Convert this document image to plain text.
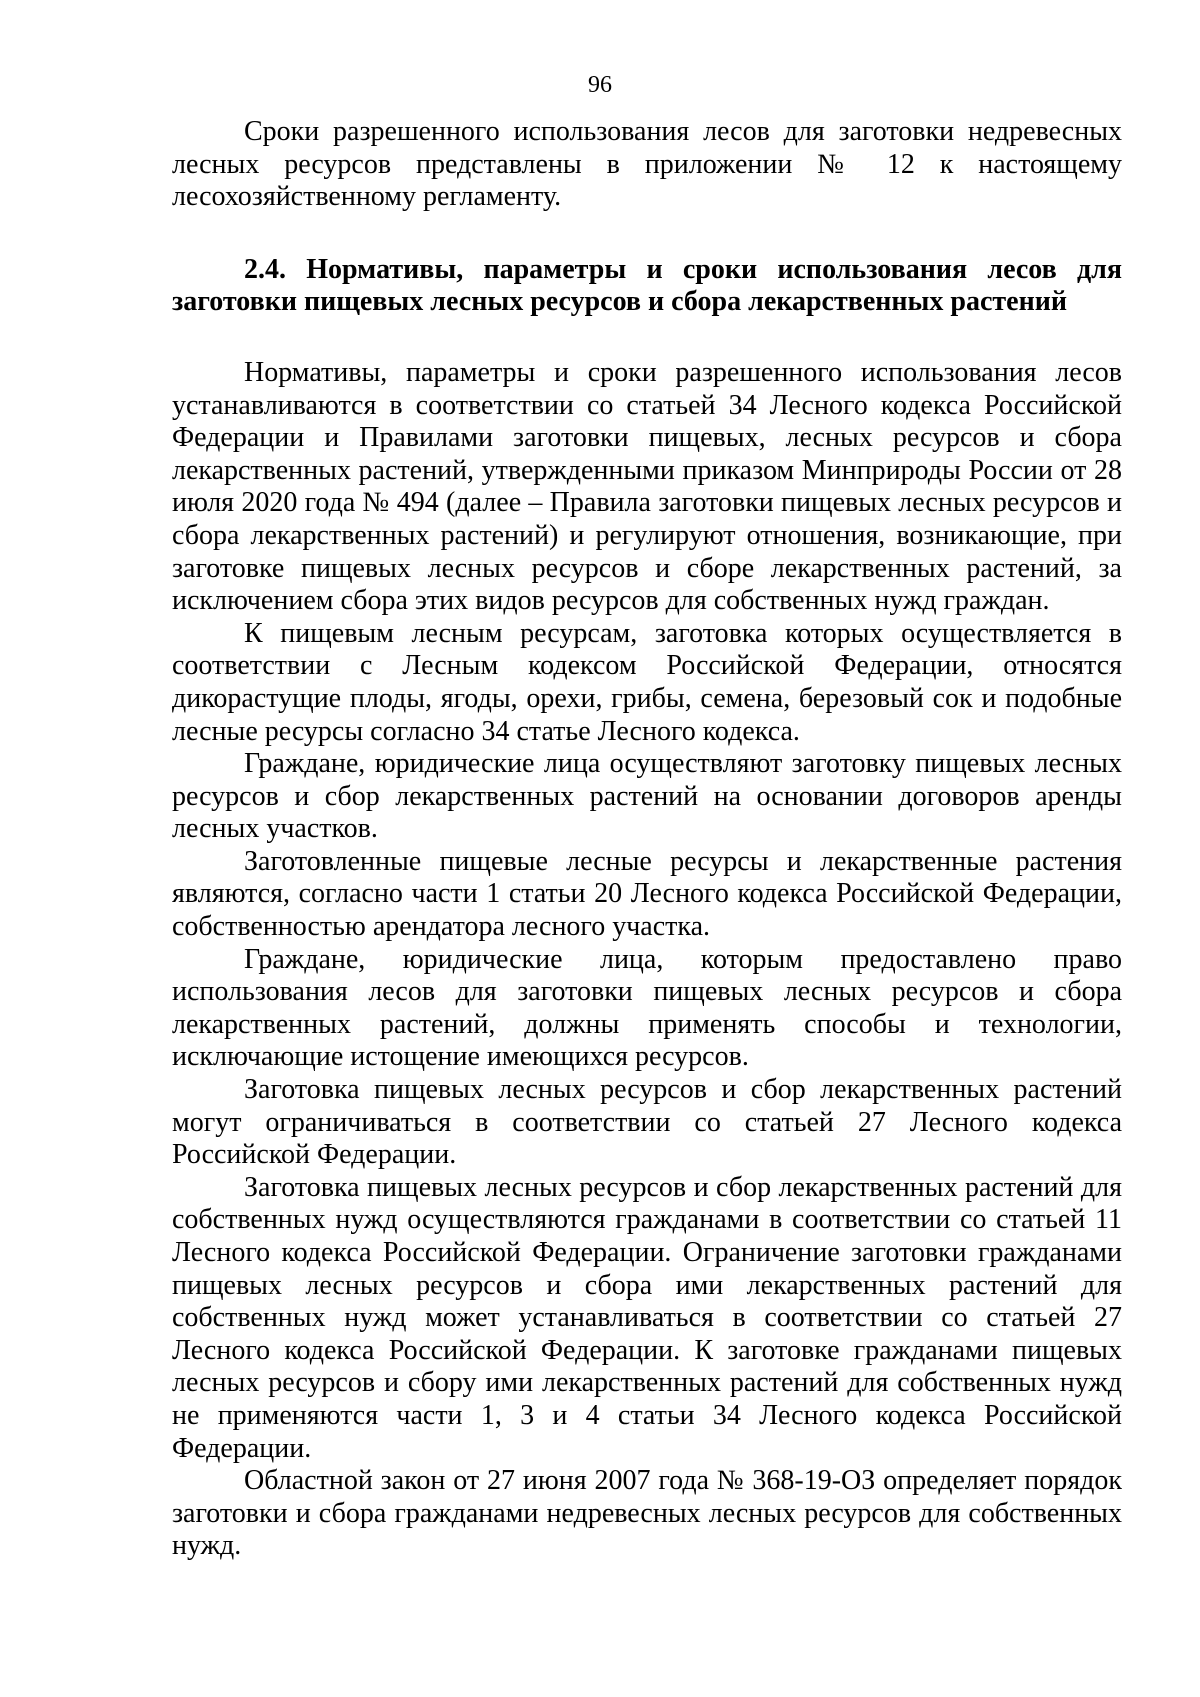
96

Сроки разрешенного использования лесов для заготовки недревесных лесных ресурсов представлены в приложении № 12 к настоящему лесохозяйственному регламенту.

2.4. Нормативы, параметры и сроки использования лесов для заготовки пищевых лесных ресурсов и сбора лекарственных растений

Нормативы, параметры и сроки разрешенного использования лесов устанавливаются в соответствии со статьей 34 Лесного кодекса Российской Федерации и Правилами заготовки пищевых, лесных ресурсов и сбора лекарственных растений, утвержденными приказом Минприроды России от 28 июля 2020 года № 494 (далее – Правила заготовки пищевых лесных ресурсов и сбора лекарственных растений) и регулируют отношения, возникающие, при заготовке пищевых лесных ресурсов и сборе лекарственных растений, за исключением сбора этих видов ресурсов для собственных нужд граждан.

К пищевым лесным ресурсам, заготовка которых осуществляется в соответствии с Лесным кодексом Российской Федерации, относятся дикорастущие плоды, ягоды, орехи, грибы, семена, березовый сок и подобные лесные ресурсы согласно 34 статье Лесного кодекса.

Граждане, юридические лица осуществляют заготовку пищевых лесных ресурсов и сбор лекарственных растений на основании договоров аренды лесных участков.

Заготовленные пищевые лесные ресурсы и лекарственные растения являются, согласно части 1 статьи 20 Лесного кодекса Российской Федерации, собственностью арендатора лесного участка.

Граждане, юридические лица, которым предоставлено право использования лесов для заготовки пищевых лесных ресурсов и сбора лекарственных растений, должны применять способы и технологии, исключающие истощение имеющихся ресурсов.

Заготовка пищевых лесных ресурсов и сбор лекарственных растений могут ограничиваться в соответствии со статьей 27 Лесного кодекса Российской Федерации.

Заготовка пищевых лесных ресурсов и сбор лекарственных растений для собственных нужд осуществляются гражданами в соответствии со статьей 11 Лесного кодекса Российской Федерации. Ограничение заготовки гражданами пищевых лесных ресурсов и сбора ими лекарственных растений для собственных нужд может устанавливаться в соответствии со статьей 27 Лесного кодекса Российской Федерации. К заготовке гражданами пищевых лесных ресурсов и сбору ими лекарственных растений для собственных нужд не применяются части 1, 3 и 4 статьи 34 Лесного кодекса Российской Федерации.

Областной закон от 27 июня 2007 года № 368-19-ОЗ определяет порядок заготовки и сбора гражданами недревесных лесных ресурсов для собственных нужд.
